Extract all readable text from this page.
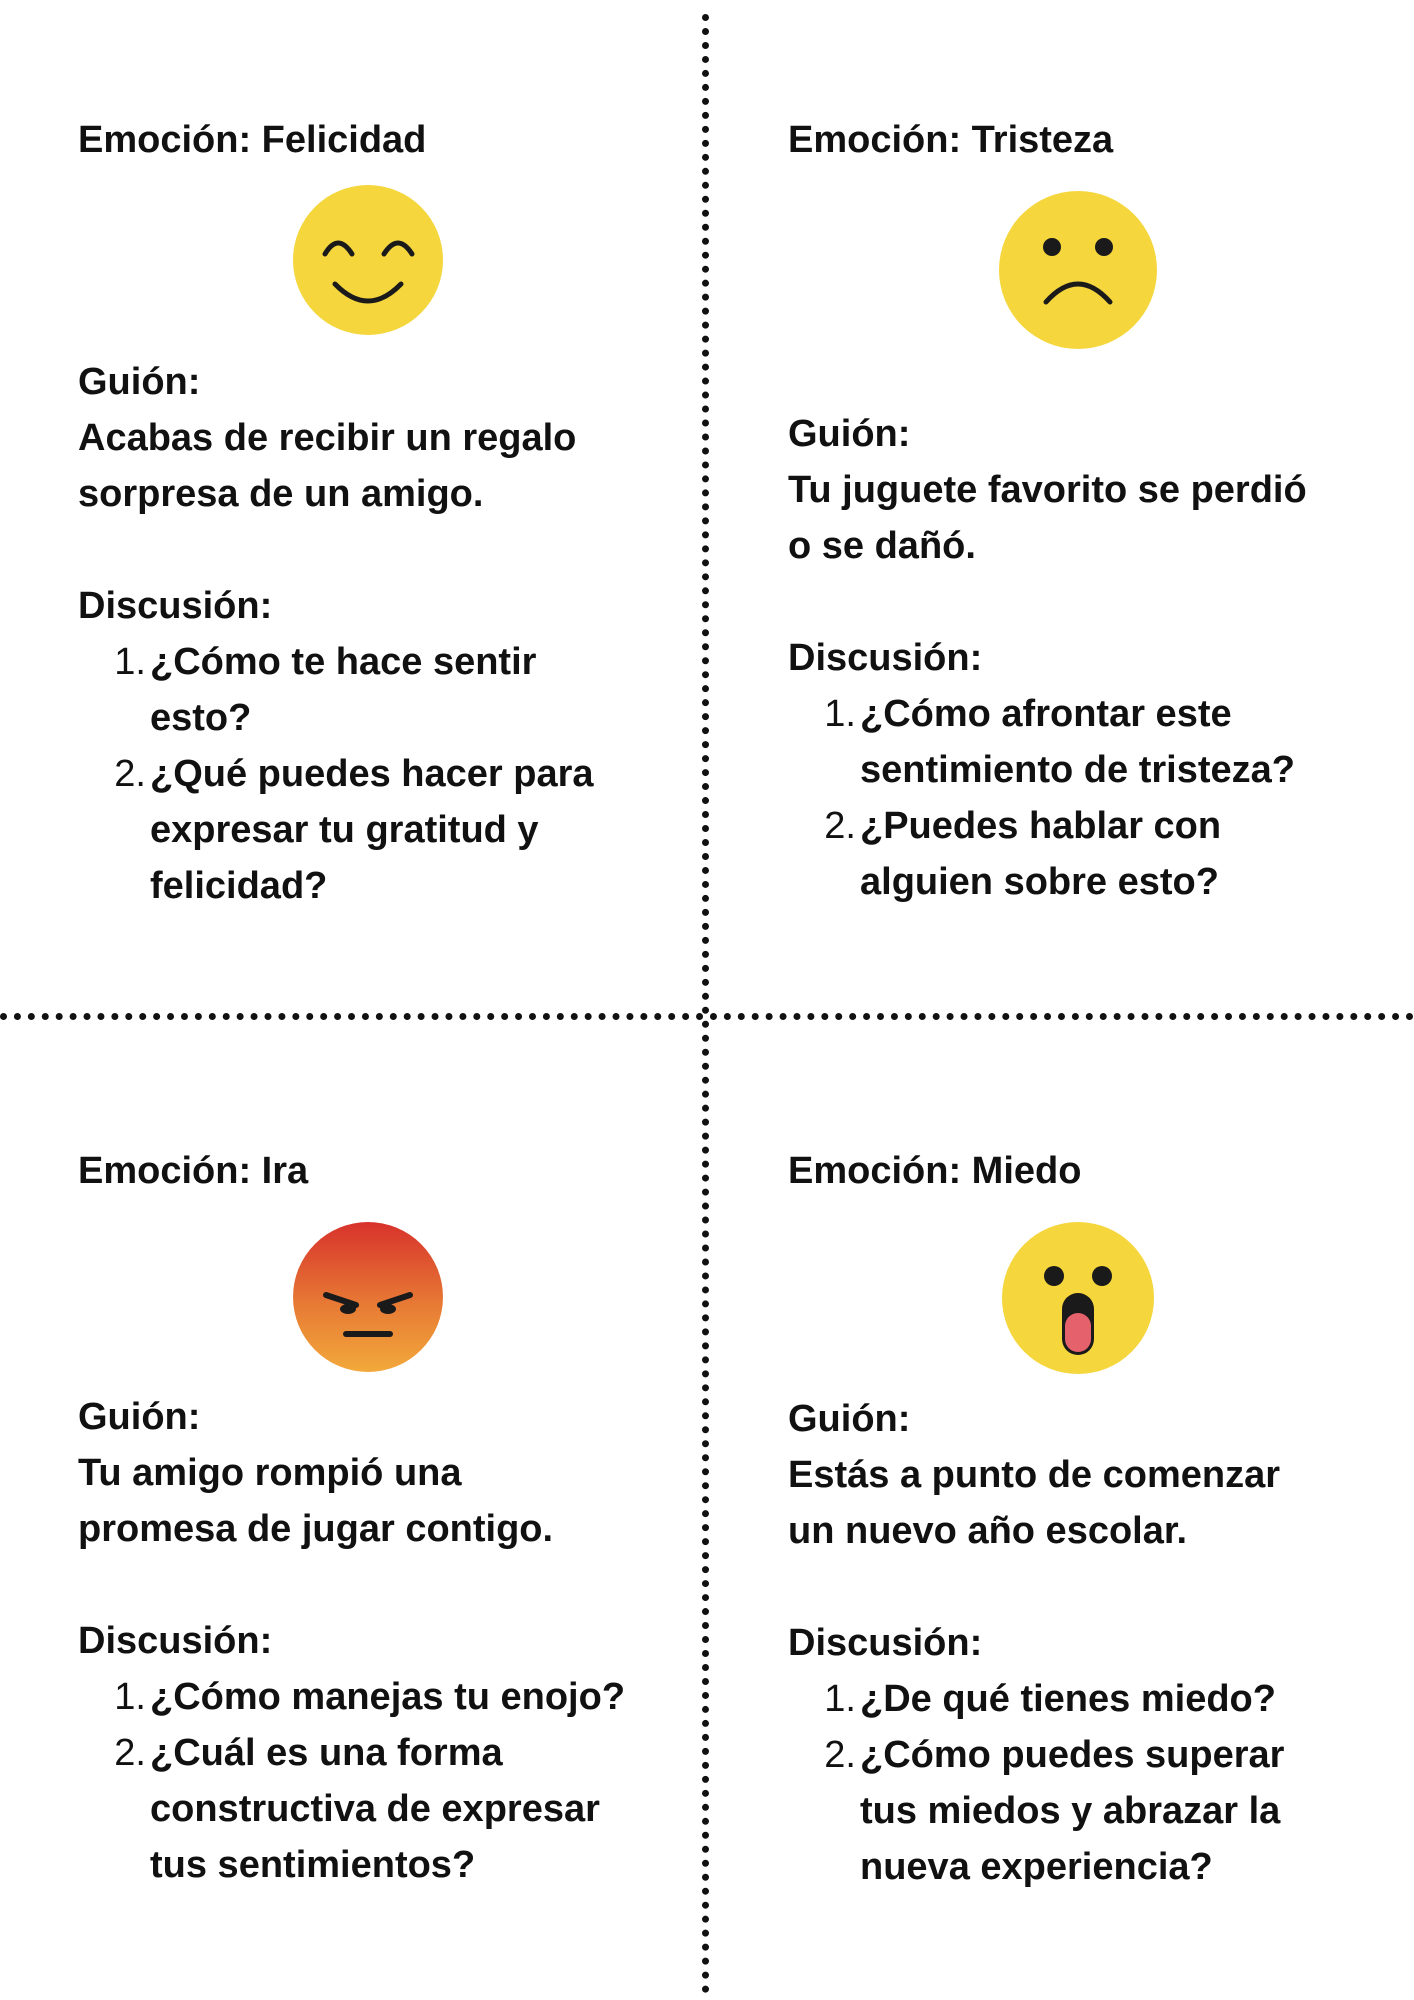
Emoción: Felicidad

Guión:

Acabas de recibir un regalo
sorpresa de un amigo.

Discusión:

1. ¿Cómo te hace sentir
esto?
2. ¿Qué puedes hacer para
expresar tu gratitud y
felicidad?
Emoción: Tristeza

Guión:

Tu juguete favorito se perdió
o se dañó.

Discusión:

1. ¿Cómo afrontar este
sentimiento de tristeza?
2. ¿Puedes hablar con
alguien sobre esto?
Emoción: Ira

Guión:

Tu amigo rompió una
promesa de jugar contigo.

Discusión:

1. ¿Cómo manejas tu enojo?
2. ¿Cuál es una forma
constructiva de expresar
tus sentimientos?
Emoción: Miedo

Guión:

Estás a punto de comenzar
un nuevo año escolar.

Discusión:

1. ¿De qué tienes miedo?
2. ¿Cómo puedes superar
tus miedos y abrazar la
nueva experiencia?
